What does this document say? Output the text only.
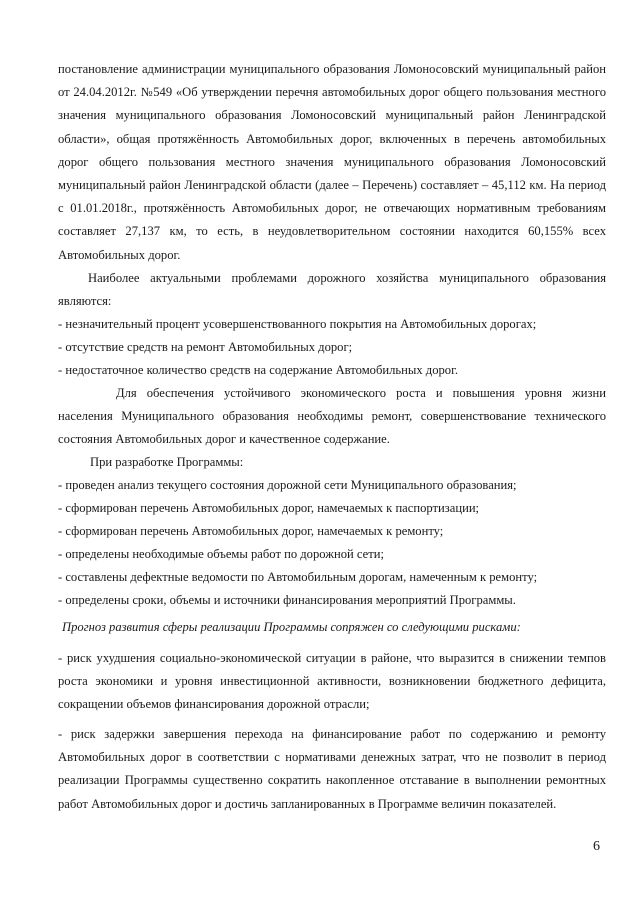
постановление администрации муниципального образования Ломоносовский муниципальный район от 24.04.2012г. №549 «Об утверждении перечня автомобильных дорог общего пользования местного значения муниципального образования Ломоносовский муниципальный район Ленинградской области», общая протяжённость Автомобильных дорог, включенных в перечень автомобильных дорог общего пользования местного значения муниципального образования Ломоносовский муниципальный район Ленинградской области (далее – Перечень) составляет – 45,112 км. На период с 01.01.2018г., протяжённость Автомобильных дорог, не отвечающих нормативным требованиям составляет 27,137 км, то есть, в неудовлетворительном состоянии находится 60,155% всех Автомобильных дорог.

Наиболее актуальными проблемами дорожного хозяйства муниципального образования являются:

- незначительный процент усовершенствованного покрытия на Автомобильных дорогах;

- отсутствие средств на ремонт Автомобильных дорог;

- недостаточное количество средств на содержание Автомобильных дорог.

Для обеспечения устойчивого экономического роста и повышения уровня жизни населения Муниципального образования необходимы ремонт, совершенствование технического состояния Автомобильных дорог и качественное содержание.

При разработке Программы:

- проведен анализ текущего состояния дорожной сети Муниципального образования;

- сформирован перечень Автомобильных дорог, намечаемых к паспортизации;

- сформирован перечень Автомобильных дорог, намечаемых к ремонту;

- определены необходимые объемы работ по дорожной сети;

- составлены дефектные ведомости по Автомобильным дорогам, намеченным к ремонту;

- определены сроки, объемы и источники финансирования мероприятий Программы.

Прогноз развития сферы реализации Программы сопряжен со следующими рисками:

- риск ухудшения социально-экономической ситуации в районе, что выразится в снижении темпов роста экономики и уровня инвестиционной активности, возникновении бюджетного дефицита, сокращении объемов финансирования дорожной отрасли;

- риск задержки завершения перехода на финансирование работ по содержанию и ремонту Автомобильных дорог в соответствии с нормативами денежных затрат, что не позволит в период реализации Программы существенно сократить накопленное отставание в выполнении ремонтных работ Автомобильных дорог и достичь запланированных в Программе величин показателей.

6
